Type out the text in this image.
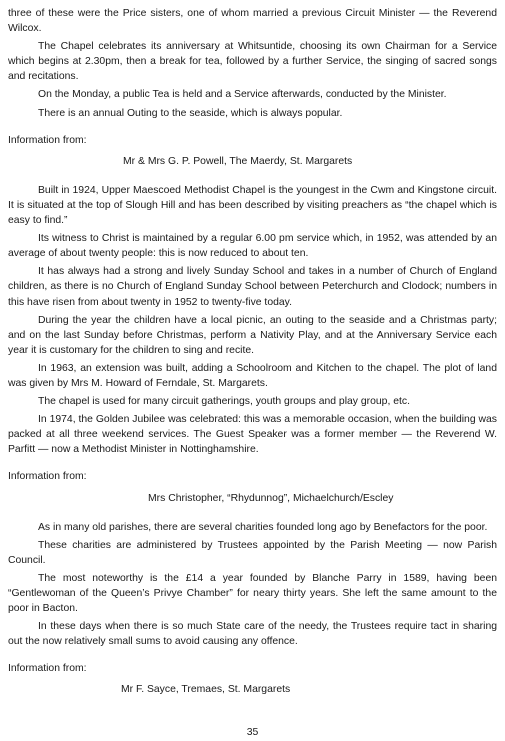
three of these were the Price sisters, one of whom married a previous Circuit Minister — the Reverend Wilcox.

The Chapel celebrates its anniversary at Whitsuntide, choosing its own Chairman for a Service which begins at 2.30pm, then a break for tea, followed by a further Service, the singing of sacred songs and recitations.

On the Monday, a public Tea is held and a Service afterwards, conducted by the Minister.

There is an annual Outing to the seaside, which is always popular.

Information from:

Mr & Mrs G. P. Powell, The Maerdy, St. Margarets

Built in 1924, Upper Maescoed Methodist Chapel is the youngest in the Cwm and Kingstone circuit. It is situated at the top of Slough Hill and has been described by visiting preachers as “the chapel which is easy to find.”

Its witness to Christ is maintained by a regular 6.00 pm service which, in 1952, was attended by an average of about twenty people: this is now reduced to about ten.

It has always had a strong and lively Sunday School and takes in a number of Church of England children, as there is no Church of England Sunday School between Peterchurch and Clodock; numbers in this have risen from about twenty in 1952 to twenty-five today.

During the year the children have a local picnic, an outing to the seaside and a Christmas party; and on the last Sunday before Christmas, perform a Nativity Play, and at the Anniversary Service each year it is customary for the children to sing and recite.

In 1963, an extension was built, adding a Schoolroom and Kitchen to the chapel. The plot of land was given by Mrs M. Howard of Ferndale, St. Margarets.

The chapel is used for many circuit gatherings, youth groups and play group, etc.

In 1974, the Golden Jubilee was celebrated: this was a memorable occasion, when the building was packed at all three weekend services. The Guest Speaker was a former member — the Reverend W. Parfitt — now a Methodist Minister in Nottinghamshire.

Information from:

Mrs Christopher, “Rhydunnog”, Michaelchurch/Escley

As in many old parishes, there are several charities founded long ago by Benefactors for the poor.

These charities are administered by Trustees appointed by the Parish Meeting — now Parish Council.

The most noteworthy is the £14 a year founded by Blanche Parry in 1589, having been “Gentlewoman of the Queen’s Privye Chamber” for neary thirty years. She left the same amount to the poor in Bacton.

In these days when there is so much State care of the needy, the Trustees require tact in sharing out the now relatively small sums to avoid causing any offence.

Information from:

Mr F. Sayce, Tremaes, St. Margarets

35
